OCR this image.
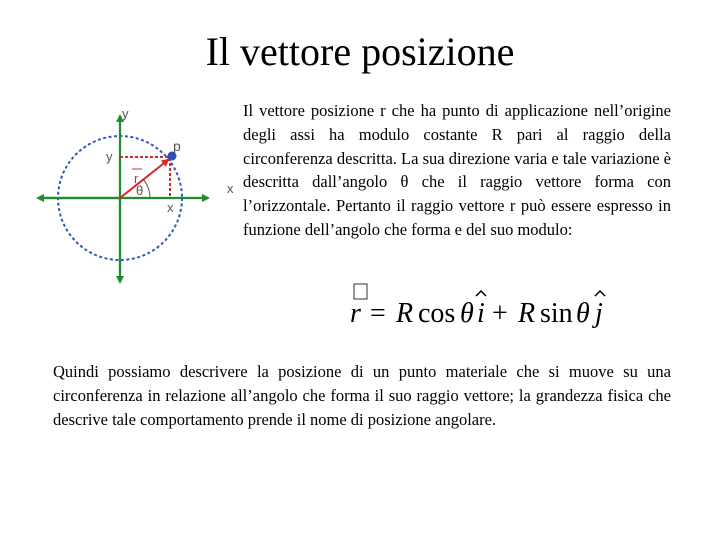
Il vettore posizione
y
x
y
x
p
r
θ
Il vettore posizione r che ha punto di applicazione nell’origine degli assi ha modulo costante R pari al raggio della circonferenza descritta. La sua direzione varia e tale variazione è descritta dall’angolo θ che il raggio vettore forma con l’orizzontale. Pertanto il raggio vettore r può essere espresso in funzione dell’angolo che forma e del suo modulo:
r = R cos θ i + R sin θ j
Quindi possiamo descrivere la posizione di un punto materiale che si muove su una circonferenza in relazione all’angolo che forma il suo raggio vettore; la grandezza fisica che descrive tale comportamento prende il nome di posizione angolare.
